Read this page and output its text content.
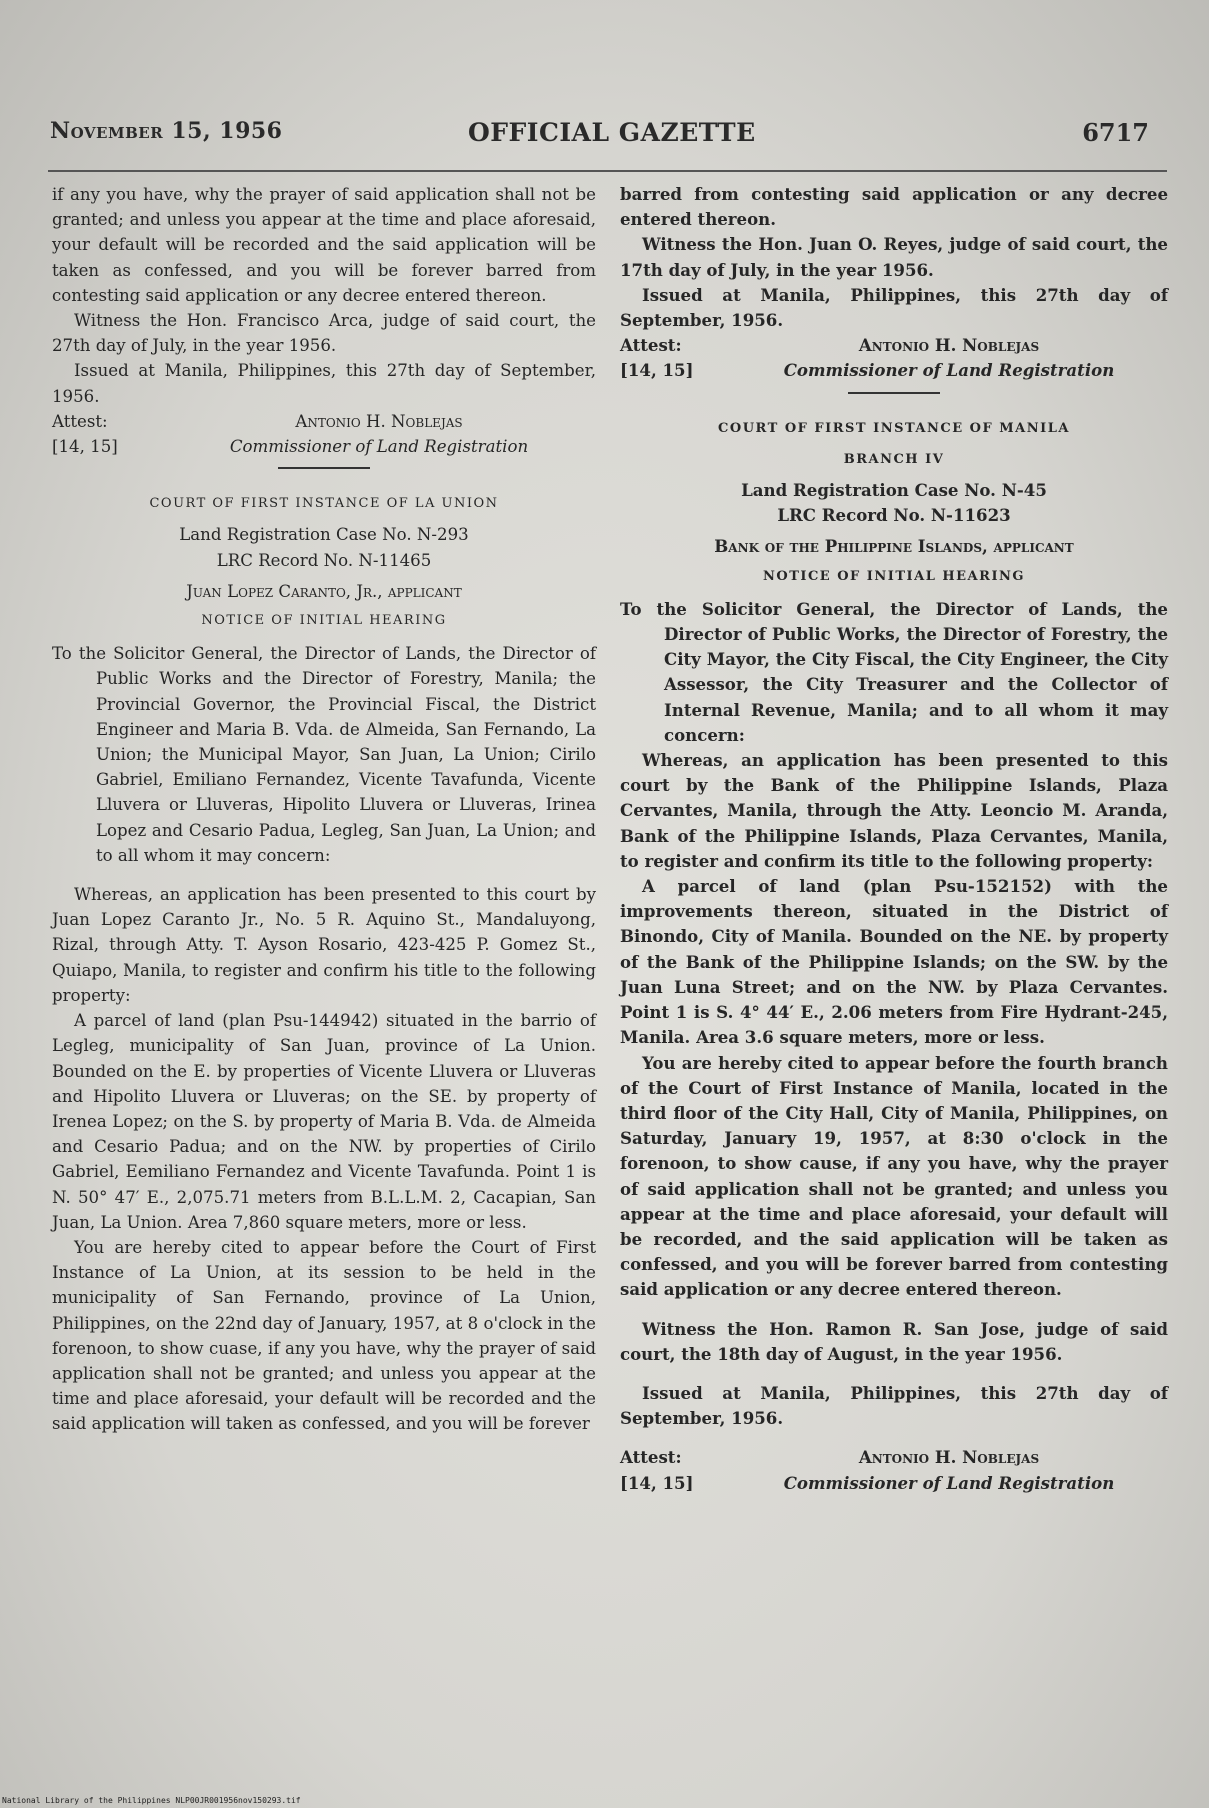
November 15, 1956	OFFICIAL GAZETTE	6717

if any you have, why the prayer of said application shall not be granted; and unless you appear at the time and place aforesaid, your default will be recorded and the said application will be taken as confessed, and you will be forever barred from contesting said application or any decree entered thereon.

Witness the Hon. Francisco Arca, judge of said court, the 27th day of July, in the year 1956.

Issued at Manila, Philippines, this 27th day of September, 1956.

Attest:	Antonio H. Noblejas
[14, 15]	Commissioner of Land Registration
COURT OF FIRST INSTANCE OF LA UNION

Land Registration Case No. N-293

LRC Record No. N-11465

Juan Lopez Caranto, Jr., applicant

NOTICE OF INITIAL HEARING

To the Solicitor General, the Director of Lands, the Director of Public Works and the Director of Forestry, Manila; the Provincial Governor, the Provincial Fiscal, the District Engineer and Maria B. Vda. de Almeida, San Fernando, La Union; the Municipal Mayor, San Juan, La Union; Cirilo Gabriel, Emiliano Fernandez, Vicente Tavafunda, Vicente Lluvera or Lluveras, Hipolito Lluvera or Lluveras, Irinea Lopez and Cesario Padua, Legleg, San Juan, La Union; and to all whom it may concern:

Whereas, an application has been presented to this court by Juan Lopez Caranto Jr., No. 5 R. Aquino St., Mandaluyong, Rizal, through Atty. T. Ayson Rosario, 423-425 P. Gomez St., Quiapo, Manila, to register and confirm his title to the following property:

A parcel of land (plan Psu-144942) situated in the barrio of Legleg, municipality of San Juan, province of La Union. Bounded on the E. by properties of Vicente Lluvera or Lluveras and Hipolito Lluvera or Lluveras; on the SE. by property of Irenea Lopez; on the S. by property of Maria B. Vda. de Almeida and Cesario Padua; and on the NW. by properties of Cirilo Gabriel, Eemiliano Fernandez and Vicente Tavafunda. Point 1 is N. 50° 47′ E., 2,075.71 meters from B.L.L.M. 2, Cacapian, San Juan, La Union. Area 7,860 square meters, more or less.

You are hereby cited to appear before the Court of First Instance of La Union, at its session to be held in the municipality of San Fernando, province of La Union, Philippines, on the 22nd day of January, 1957, at 8 o'clock in the forenoon, to show cuase, if any you have, why the prayer of said application shall not be granted; and unless you appear at the time and place aforesaid, your default will be recorded and the said application will taken as confessed, and you will be forever

barred from contesting said application or any decree entered thereon.

Witness the Hon. Juan O. Reyes, judge of said court, the 17th day of July, in the year 1956.

Issued at Manila, Philippines, this 27th day of September, 1956.

Attest:	Antonio H. Noblejas
[14, 15]	Commissioner of Land Registration
COURT OF FIRST INSTANCE OF MANILA
BRANCH IV

Land Registration Case No. N-45

LRC Record No. N-11623

Bank of the Philippine Islands, applicant

NOTICE OF INITIAL HEARING

To the Solicitor General, the Director of Lands, the Director of Public Works, the Director of Forestry, the City Mayor, the City Fiscal, the City Engineer, the City Assessor, the City Treasurer and the Collector of Internal Revenue, Manila; and to all whom it may concern:

Whereas, an application has been presented to this court by the Bank of the Philippine Islands, Plaza Cervantes, Manila, through the Atty. Leoncio M. Aranda, Bank of the Philippine Islands, Plaza Cervantes, Manila, to register and confirm its title to the following property:

A parcel of land (plan Psu-152152) with the improvements thereon, situated in the District of Binondo, City of Manila. Bounded on the NE. by property of the Bank of the Philippine Islands; on the SW. by the Juan Luna Street; and on the NW. by Plaza Cervantes. Point 1 is S. 4° 44′ E., 2.06 meters from Fire Hydrant-245, Manila. Area 3.6 square meters, more or less.

You are hereby cited to appear before the fourth branch of the Court of First Instance of Manila, located in the third floor of the City Hall, City of Manila, Philippines, on Saturday, January 19, 1957, at 8:30 o'clock in the forenoon, to show cause, if any you have, why the prayer of said application shall not be granted; and unless you appear at the time and place aforesaid, your default will be recorded, and the said application will be taken as confessed, and you will be forever barred from contesting said application or any decree entered thereon.

Witness the Hon. Ramon R. San Jose, judge of said court, the 18th day of August, in the year 1956.

Issued at Manila, Philippines, this 27th day of September, 1956.

Attest:	Antonio H. Noblejas
[14, 15]	Commissioner of Land Registration
National Library of the Philippines NLP00JR001956nov150293.tif
